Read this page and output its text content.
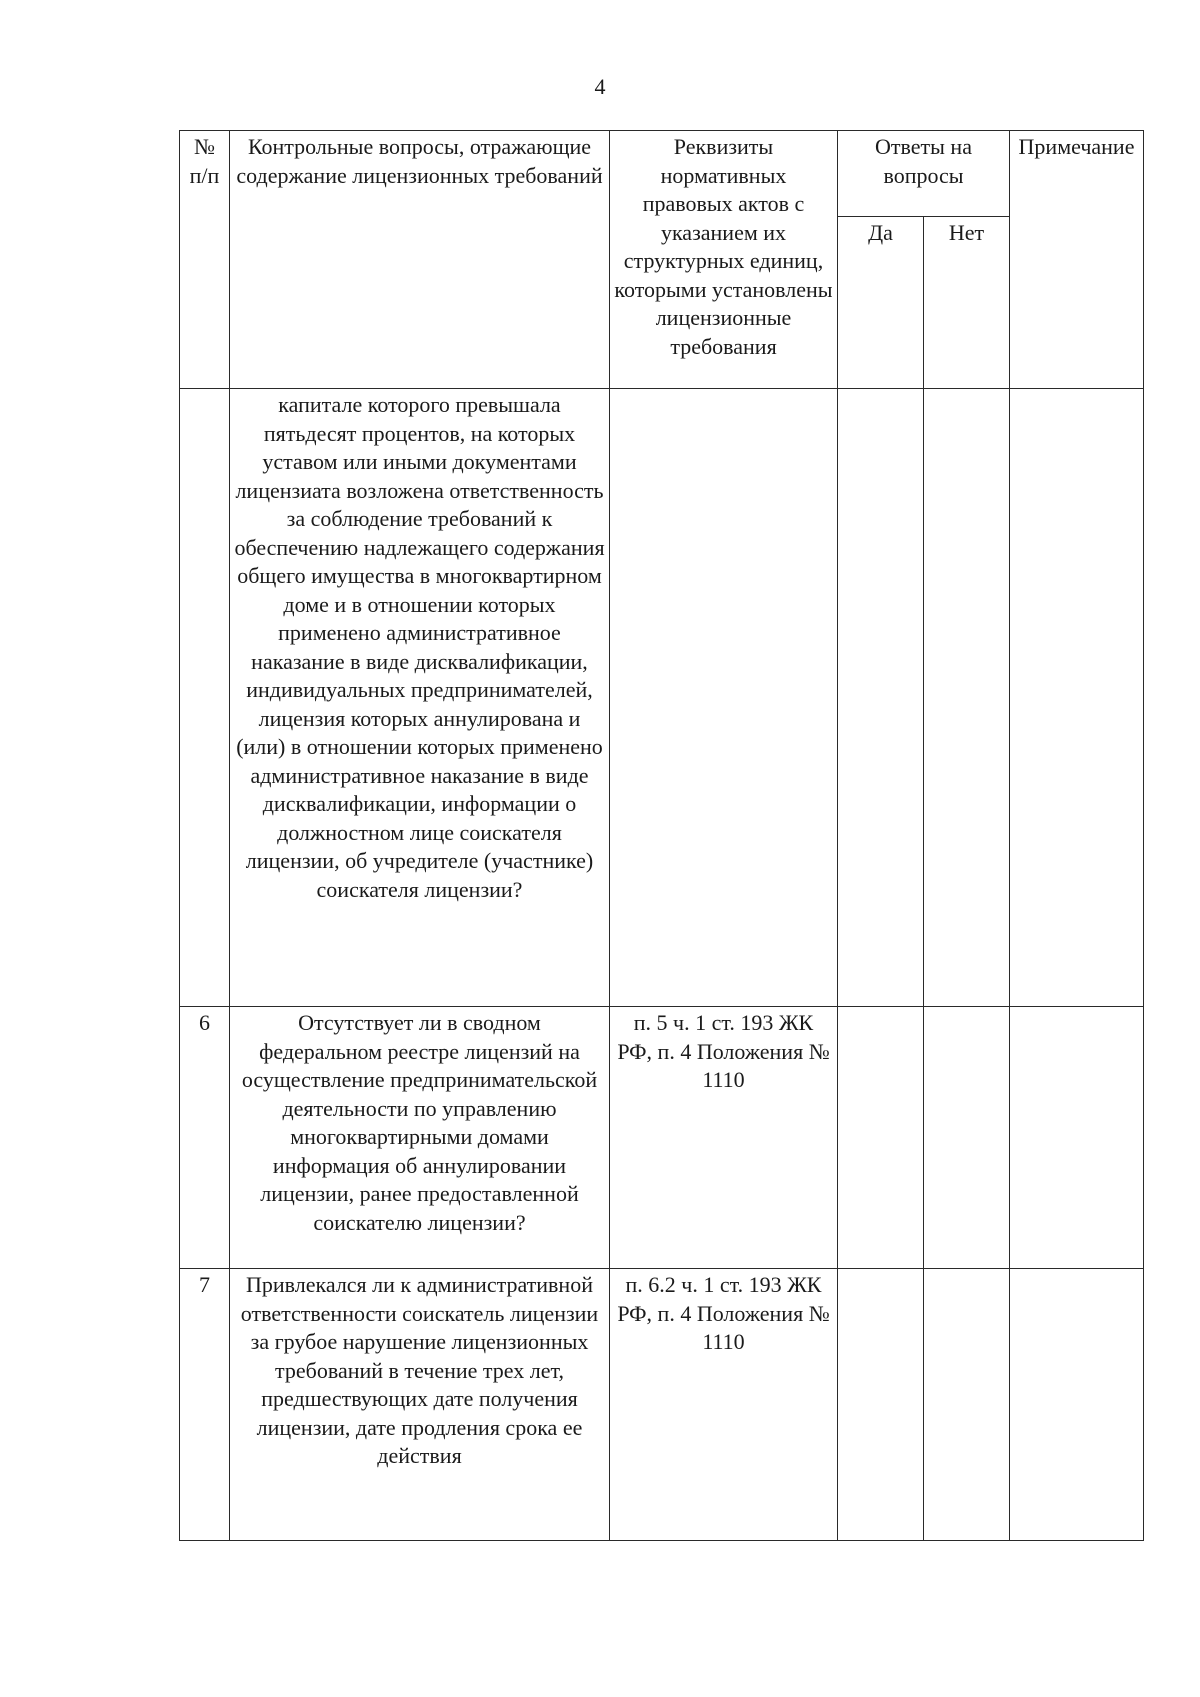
4
№ п/п	Контрольные вопросы, отражающие содержание лицензионных требований	Реквизиты нормативных правовых актов с указанием их структурных единиц, которыми установлены лицензионные требования	Ответы на вопросы		Примечание
			Да	Нет	
	капитале которого превышала пятьдесят процентов, на которых уставом или иными документами лицензиата возложена ответственность за соблюдение требований к обеспечению надлежащего содержания общего имущества в многоквартирном доме и в отношении которых применено административное наказание в виде дисквалификации, индивидуальных предпринимателей, лицензия которых аннулирована и (или) в отношении которых применено административное наказание в виде дисквалификации, информации о должностном лице соискателя лицензии, об учредителе (участнике) соискателя лицензии?				
6	Отсутствует ли в сводном федеральном реестре лицензий на осуществление предпринимательской деятельности по управлению многоквартирными домами информация об аннулировании лицензии, ранее предоставленной соискателю лицензии?	п. 5 ч. 1 ст. 193 ЖК РФ, п. 4 Положения № 1110			
7	Привлекался ли к административной ответственности соискатель лицензии за грубое нарушение лицензионных требований в течение трех лет, предшествующих дате получения лицензии, дате продления срока ее действия	п. 6.2 ч. 1 ст. 193 ЖК РФ, п. 4 Положения № 1110			
